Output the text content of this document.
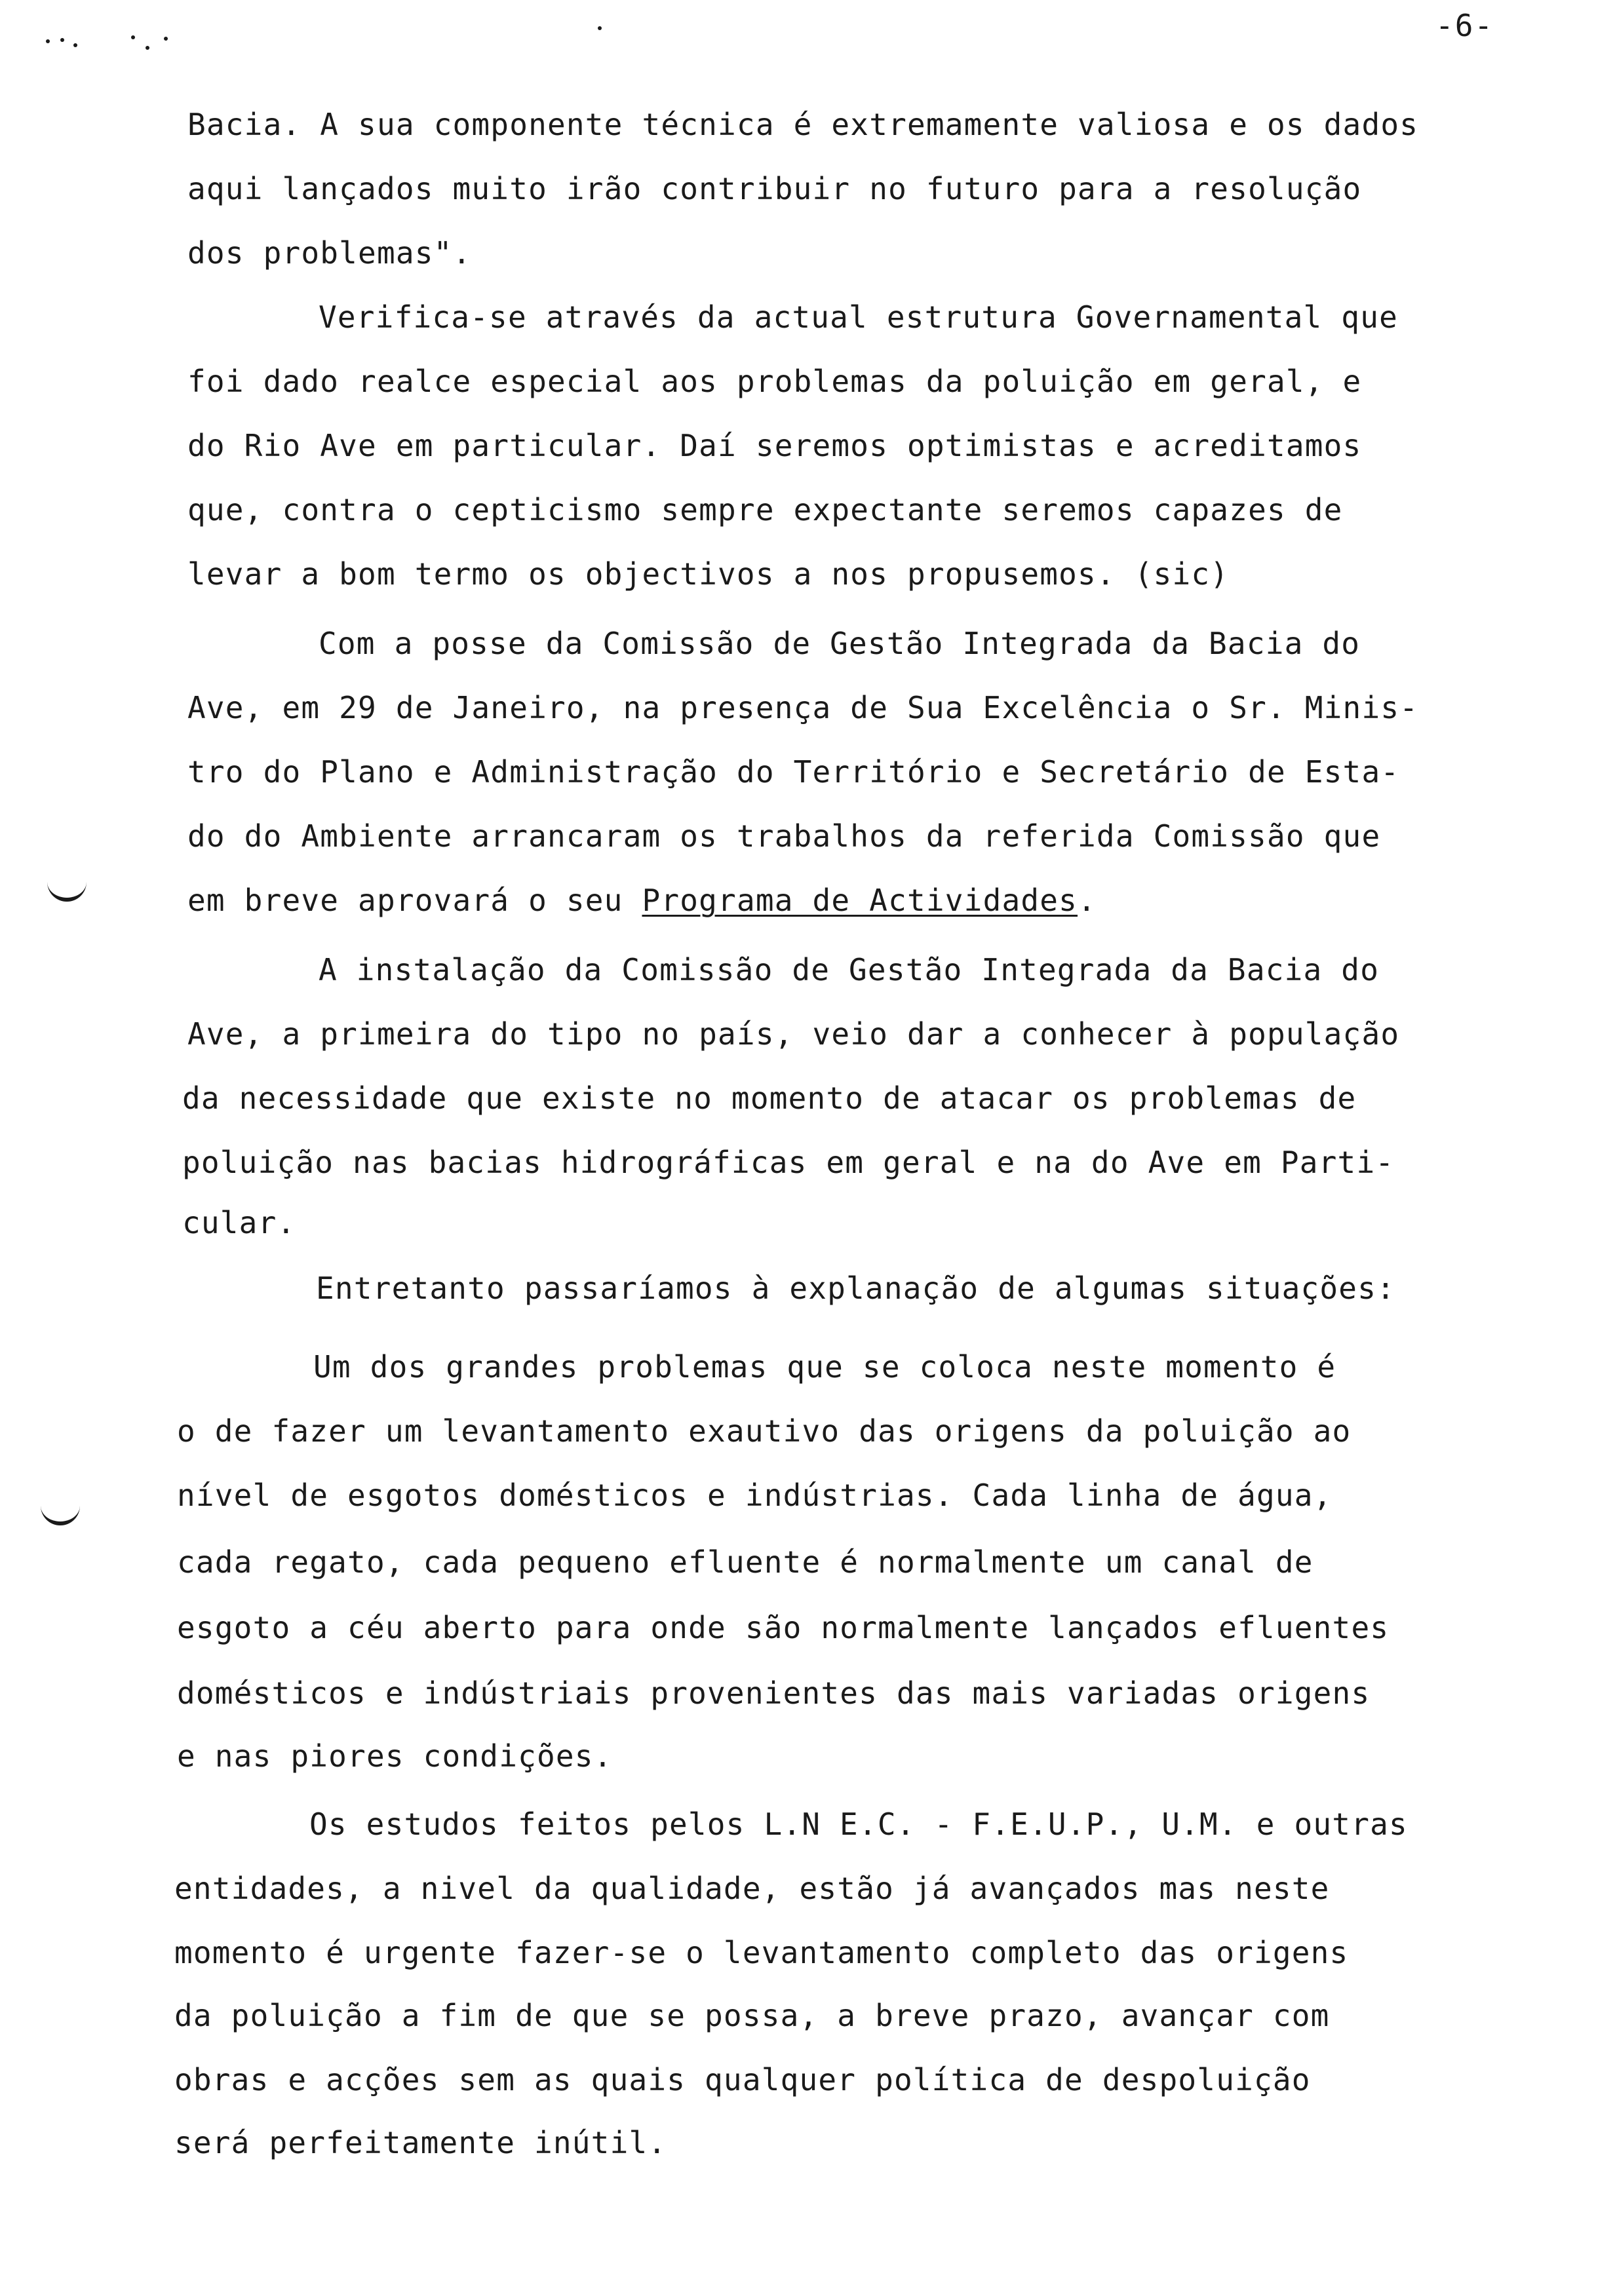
-6-
Bacia. A sua componente técnica é extremamente valiosa e os dados
aqui lançados muito irão contribuir no futuro para a resolução
dos problemas".
Verifica-se através da actual estrutura Governamental que
foi dado realce especial aos problemas da poluição em geral, e
do Rio Ave em particular. Daí seremos optimistas e acreditamos
que, contra o cepticismo sempre expectante seremos capazes de
levar a bom termo os objectivos a nos propusemos. (sic)
Com a posse da Comissão de Gestão Integrada da Bacia do
Ave, em 29 de Janeiro, na presença de Sua Excelência o Sr. Minis-
tro do Plano e Administração do Território e Secretário de Esta-
do do Ambiente arrancaram os trabalhos da referida Comissão que
em breve aprovará o seu Programa de Actividades.
A instalação da Comissão de Gestão Integrada da Bacia do
Ave, a primeira do tipo no país, veio dar a conhecer à população
da necessidade que existe no momento de atacar os problemas de
poluição nas bacias hidrográficas em geral e na do Ave em Parti-
cular.
Entretanto passaríamos à explanação de algumas situações:
Um dos grandes problemas que se coloca neste momento é
o de fazer um levantamento exautivo das origens da poluição ao
nível de esgotos domésticos e indústrias. Cada linha de água,
cada regato, cada pequeno efluente é normalmente um canal de
esgoto a céu aberto para onde são normalmente lançados efluentes
domésticos e indústriais provenientes das mais variadas origens
e nas piores condições.
Os estudos feitos pelos L.N E.C. - F.E.U.P., U.M. e outras
entidades, a nivel da qualidade, estão já avançados mas neste
momento é urgente fazer-se o levantamento completo das origens
da poluição a fim de que se possa, a breve prazo, avançar com
obras e acções sem as quais qualquer política de despoluição
será perfeitamente inútil.
